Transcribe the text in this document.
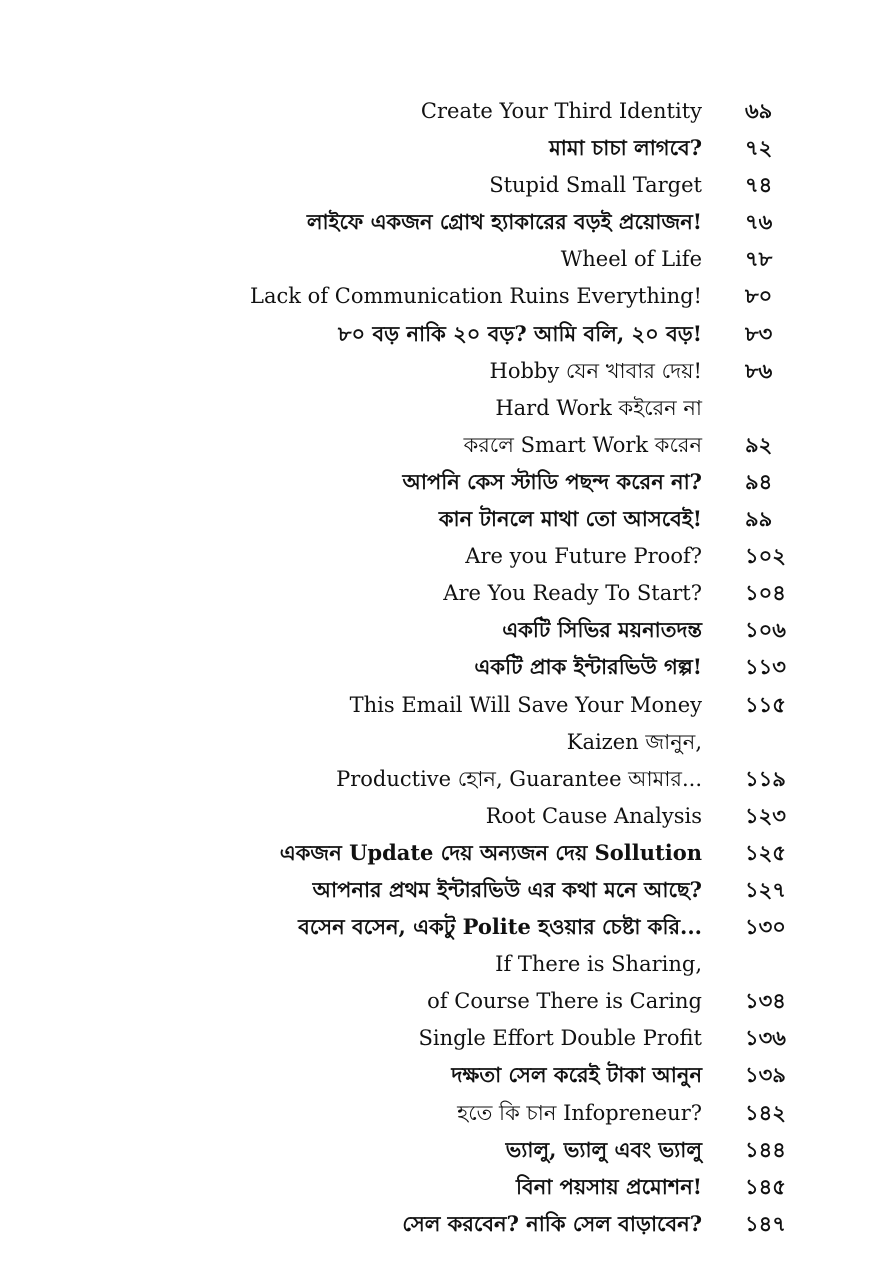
Create Your Third Identity ৬৯
মামা চাচা লাগবে? ৭২
Stupid Small Target ৭৪
লাইফে একজন গ্রোথ হ্যাকারের বড়ই প্রয়োজন! ৭৬
Wheel of Life ৭৮
Lack of Communication Ruins Everything! ৮০
৮০ বড় নাকি ২০ বড়? আমি বলি, ২০ বড়! ৮৩
Hobby যেন খাবার দেয়! ৮৬
Hard Work কইরেন না
করলে Smart Work করেন ৯২
আপনি কেস স্টাডি পছন্দ করেন না? ৯৪
কান টানলে মাথা তো আসবেই! ৯৯
Are you Future Proof? ১০২
Are You Ready To Start? ১০৪
একটি সিভির ময়নাতদন্ত ১০৬
একটি প্রাক ইন্টারভিউ গল্প! ১১৩
This Email Will Save Your Money ১১৫
Kaizen জানুন,
Productive হোন, Guarantee আমার... ১১৯
Root Cause Analysis ১২৩
একজন Update দেয় অন্যজন দেয় Sollution ১২৫
আপনার প্রথম ইন্টারভিউ এর কথা মনে আছে? ১২৭
বসেন বসেন, একটু Polite হওয়ার চেষ্টা করি... ১৩০
If There is Sharing,
of Course There is Caring ১৩৪
Single Effort Double Profit ১৩৬
দক্ষতা সেল করেই টাকা আনুন ১৩৯
হতে কি চান Infopreneur? ১৪২
ভ্যালু, ভ্যালু এবং ভ্যালু ১৪৪
বিনা পয়সায় প্রমোশন! ১৪৫
সেল করবেন? নাকি সেল বাড়াবেন? ১৪৭
